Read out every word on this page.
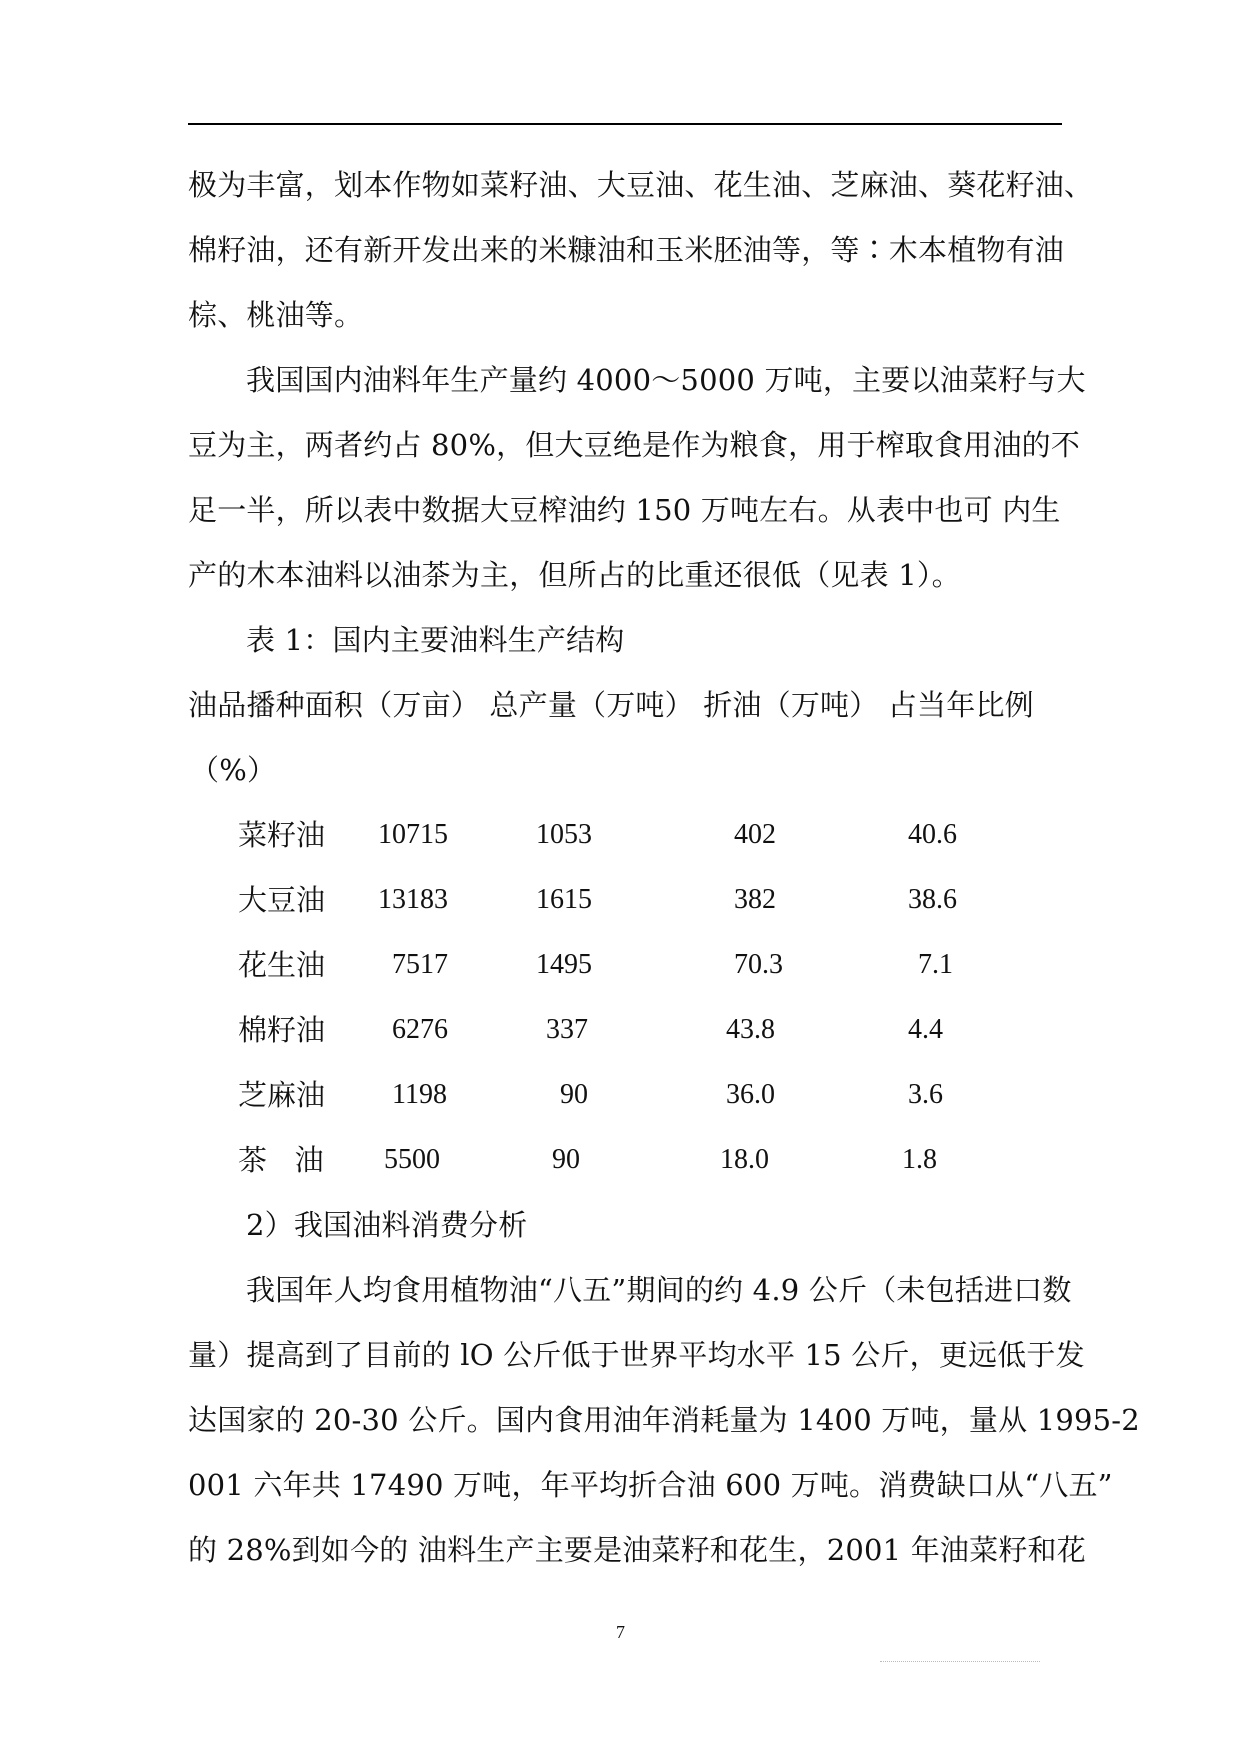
极为丰富，划本作物如菜籽油、大豆油、花生油、芝麻油、葵花籽油、
棉籽油，还有新开发出来的米糠油和玉米胚油等，等∶木本植物有油
棕、桃油等。
我国国内油料年生产量约 4000～5000 万吨，主要以油菜籽与大
豆为主，两者约占 80%，但大豆绝是作为粮食，用于榨取食用油的不
足一半，所以表中数据大豆榨油约 150 万吨左右。从表中也可 内生
产的木本油料以油茶为主，但所占的比重还很低（见表 1）。
表 1：国内主要油料生产结构
油品播种面积（万亩） 总产量（万吨） 折油（万吨） 占当年比例
（%）
菜籽油 10715	1053	402	40.6
大豆油 13183	1615	382	38.6
花生油 7517	1495	70.3	7.1
棉籽油 6276	337	43.8	4.4
芝麻油 1198	90	36.0	3.6
茶   油 5500	90	18.0	1.8
2）我国油料消费分析
我国年人均食用植物油“八五”期间的约 4.9 公斤（未包括进口数
量）提高到了目前的 lO 公斤低于世界平均水平 15 公斤，更远低于发
达国家的 20-30 公斤。国内食用油年消耗量为 1400 万吨，量从 1995-2
001 六年共 17490 万吨，年平均折合油 600 万吨。消费缺口从“八五”
的 28%到如今的 油料生产主要是油菜籽和花生，2001 年油菜籽和花
7
